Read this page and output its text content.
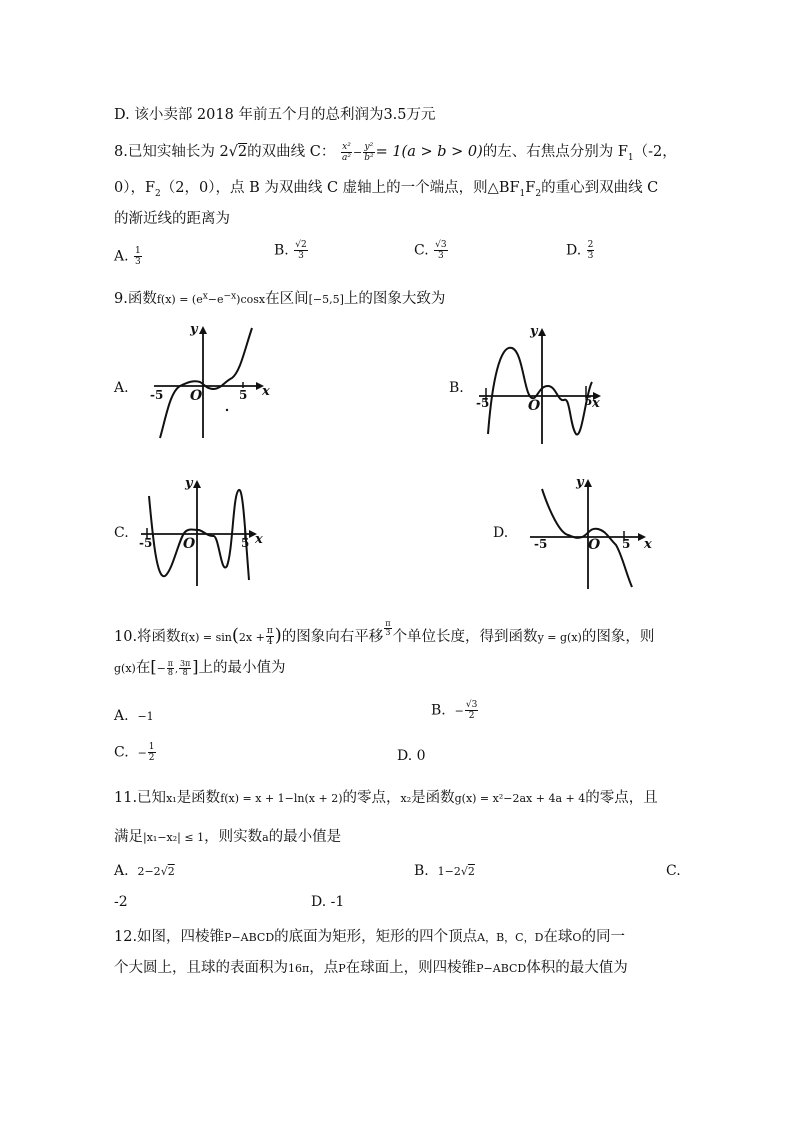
D. 该小卖部 2018 年前五个月的总利润为3.5万元
8.已知实轴长为 2√2的双曲线 C： $\frac{\text{x²}}{\text{a²}} - \frac{\text{y²}}{\text{b²}} = 1(a > b > 0)$的左、右焦点分别为 $F_1(-2$，
0），$F_2(2$，0），点 B 为双曲线 C 虚轴上的一个端点，则$\triangle BF_1F_2$的重心到双曲线 C
的渐近线的距离为
A. $\frac{1}{3}$	B. $\frac{√2}{3}$	C. $\frac{√3}{3}$	D. $\frac{2}{3}$
9.函数$f(x) = (e^x-e^{-x})\cos x$在区间[−5,5]上的图象大致为
A.	B.
C.	D.
y
x
O
-5	5
y
x
O
-5	5
y
x
O
-5	5
y
x
O
-5	5
10.将函数$f(x) = \sin(2x + \frac{\pi}{4}$ )的图象向右平移 $\frac{\pi}{3}$ 个单位长度，得到函数y = g(x)的图象，则
g(x)在[− $\frac{\pi}{8}$ , $\frac{3\pi}{8}$ ]上的最小值为
A. −1	B. − $\frac{√3}{2}$
C. − $\frac{1}{2}$	D. 0
11.已知x₁是函数f(x) = x + 1−ln(x + 2)的零点，x₂是函数g(x) = x²−2ax + 4a + 4的零点，且
满足|x₁−x₂| ≤ 1，则实数a的最小值是
A. 2−2√2	B. 1−2√2	C.
-2	D. -1
12.如图，四棱锥P−ABCD的底面为矩形，矩形的四个顶点A，B，C，D在球O的同一
个大圆上，且球的表面积为16π，点P在球面上，则四棱锥P−ABCD体积的最大值为
